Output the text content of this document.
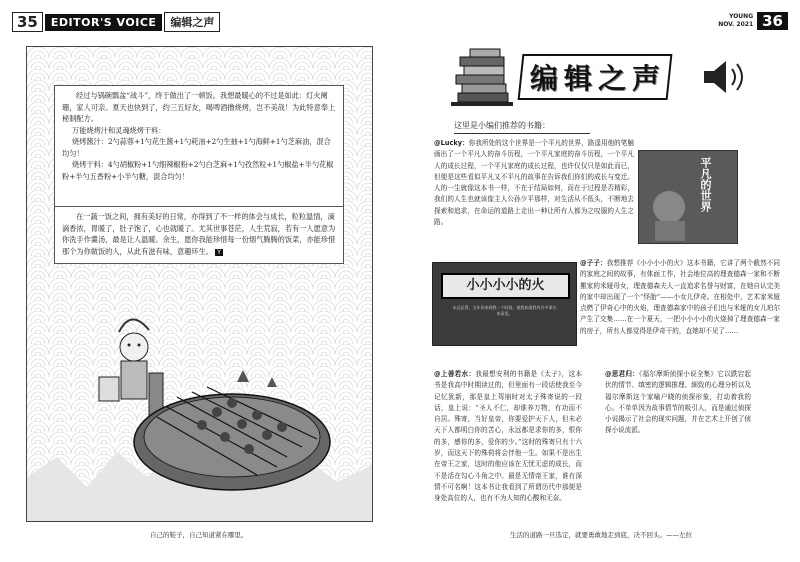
35	EDITOR'S VOICE	编辑之声

经过与锅碗瓢盆“战斗”，终于做出了一顿饭。我想最暖心的不过是如此：灯火阑珊，家人可亲。夏天也快到了，约三五好友，喝啤酒撸烧烤，岂不美哉！为此特意奉上秘制配方。

万能烧烤汁和灵魂烧烤干料：

烧烤酱汁：2勺蒜蓉+1勺花生酱+1勺耗油+2勺生抽+1勺海鲜+1勺芝麻油，混合均匀！

烧烤干料：4勺胡椒粉+1勺细辣椒粉+2勺白芝麻+1勺孜然粒+1勺椒盐+半勺花椒粉+半勺五香粉+小半勺糖，混合均匀！

在一蔬一饭之间，拥有美好的日常，亦得到了不一样的体会与成长，粒粒温情，滴滴香浓，胃暖了，肚子饱了，心也就暖了。尤其世事苍茫，人生荒寂，若有一人愿意为你洗手作羹汤，最是让人温暖。余生，愿你我能珍惜每一份烟气腾腾的饭菜，亦能珍惜那个为你做饭的人，从此有滋有味，意趣环生。 Y

自己的鞋子，自己知道紧在哪里。
YOUNG
NOV. 2021 36
编辑之声
这里是小编们推荐的书籍：
@Lucky：你我所处的这个世界是一个平凡的世界，路遥用他的笔触画出了一个平凡人的奋斗历程，一个平凡家庭的奋斗历程，一个平凡人的成长过程，一个平凡家庭的成长过程，也许仅仅只是如此而已，但便是这些看似平凡又不平凡的故事在告诉我们你们的成长与变迁。人的一生就像这本书一样，不在于结局如何，而在于过程是否精彩，我们的人生也就该像主人公孙少平那样，对生活从不低头，不断地去探索和追求，在命运的道路上走出一种让所有人都为之叹服的人生之路。
平凡的世界
小小小小的火
永远记得，当年你来到我一个时间，使我知道我有许多事应来看见。
@子子：我想推荐《小小小小的火》这本书籍，它讲了两个截然不同的家庭之间的故事，有体面工作，社会地位高的理查德森一家和不断搬家的米娅母女，理查德森夫人一直追求名誉与财富，在她自认完美的家中却出现了一个“怪胎”——小女儿伊奇。在相处中，艺术家米娅点燃了伊奇心中的火焰，理查德森家中的孩子们也与米娅的女儿珀尔产生了交集……在一个夏天，一把小小小小的火烧掉了理查德森一家的房子，所有人都觉得是伊奇干的，直她却不见了……
@上善若水：我最想安利的书籍是《太子》，这本书是我高中时期读过的，但里面有一段话使我至今记忆犹新，那是皇上驾崩时对太子殊寄说的一段话，皇上说：“圣人不仁，却谁养万物，有功而不自居。殊寄，当好皇帝，你要爱护天下人，但未必天下人都明白你的苦心，永远都是求你的多，恨你的多，感你的多，爱你的少。”这时的殊寄只有十六岁，而这天下的殊荷将会伴他一生。如果不是出生在帝王之家，这时的他应该在无忧无虑的成长，而不是活在勾心斗角之中。最是无情帝王家，谁有深情不可名啊！这本书让我看到了所谓历代中那便是身处高位的人，也有不为人知的心酸和无奈。
@思君归：《福尔摩斯侦探小说全集》它以跌宕起伏的情节、缜密的逻辑推理、細致的心理分析以及福尔摩斯这个家喻户晓的侦探形象，打动着我的心。不单单因为故事情节的吸引人，而是通过侦探小说揭示了社会的现实问题，并在艺术上开创了侦探小说流派。
生活的道路一旦选定，就要勇敢地走到底，决不回头。——左拉
